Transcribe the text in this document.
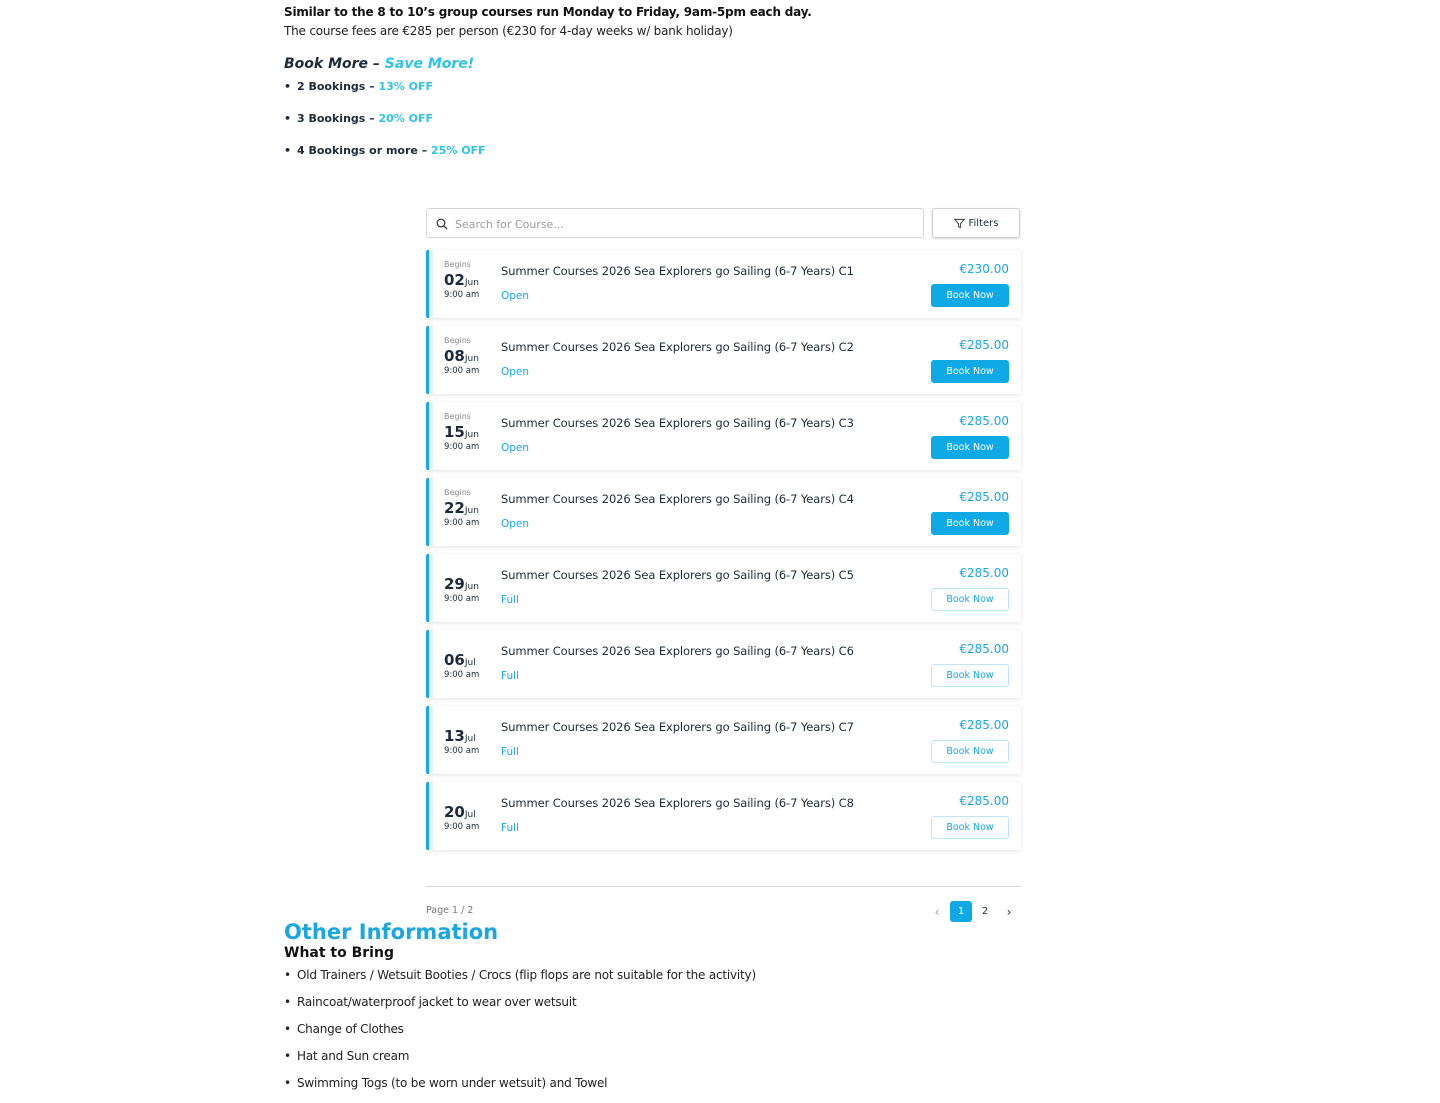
Similar to the 8 to 10’s group courses run Monday to Friday, 9am-5pm each day.
The course fees are €285 per person (€230 for 4-day weeks w/ bank holiday)
Book More – Save More!
• 2 Bookings – 13% OFF
• 3 Bookings – 20% OFF
• 4 Bookings or more – 25% OFF
Search for Course...
Filters
Begins
02Jun
9:00 am
Summer Courses 2026 Sea Explorers go Sailing (6-7 Years) C1
Open
€230.00
Book Now
Begins
08Jun
9:00 am
Summer Courses 2026 Sea Explorers go Sailing (6-7 Years) C2
Open
€285.00
Book Now
Begins
15Jun
9:00 am
Summer Courses 2026 Sea Explorers go Sailing (6-7 Years) C3
Open
€285.00
Book Now
Begins
22Jun
9:00 am
Summer Courses 2026 Sea Explorers go Sailing (6-7 Years) C4
Open
€285.00
Book Now
29Jun
9:00 am
Summer Courses 2026 Sea Explorers go Sailing (6-7 Years) C5
Full
€285.00
Book Now
06Jul
9:00 am
Summer Courses 2026 Sea Explorers go Sailing (6-7 Years) C6
Full
€285.00
Book Now
13Jul
9:00 am
Summer Courses 2026 Sea Explorers go Sailing (6-7 Years) C7
Full
€285.00
Book Now
20Jul
9:00 am
Summer Courses 2026 Sea Explorers go Sailing (6-7 Years) C8
Full
€285.00
Book Now
Page 1 / 2	‹	1	2	›
Other Information
What to Bring
• Old Trainers / Wetsuit Booties / Crocs (flip flops are not suitable for the activity)
• Raincoat/waterproof jacket to wear over wetsuit
• Change of Clothes
• Hat and Sun cream
• Swimming Togs (to be worn under wetsuit) and Towel
